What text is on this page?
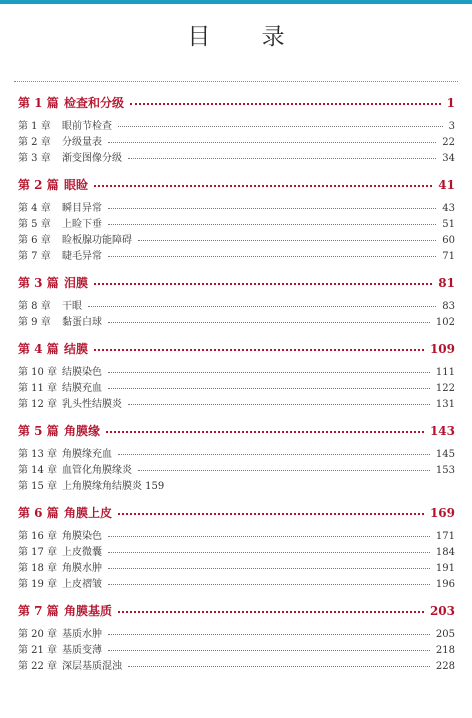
目 录
第 1 篇 检查和分级	1
第 1 章	眼前节检查	3
第 2 章	分级量表	22
第 3 章	渐变图像分级	34
第 2 篇 眼睑	41
第 4 章	瞬目异常	43
第 5 章	上睑下垂	51
第 6 章	睑板腺功能障碍	60
第 7 章	睫毛异常	71
第 3 篇 泪膜	81
第 8 章	干眼	83
第 9 章	黏蛋白球	102
第 4 篇 结膜	109
第 10 章 结膜染色	111
第 11 章 结膜充血	122
第 12 章 乳头性结膜炎	131
第 5 篇 角膜缘	143
第 13 章 角膜缘充血	145
第 14 章 血管化角膜缘炎	153
第 15 章 上角膜缘角结膜炎 159
第 6 篇 角膜上皮	169
第 16 章 角膜染色	171
第 17 章 上皮微囊	184
第 18 章 角膜水肿	191
第 19 章 上皮褶皱	196
第 7 篇 角膜基质	203
第 20 章 基质水肿	205
第 21 章 基质变薄	218
第 22 章 深层基质混浊	228
